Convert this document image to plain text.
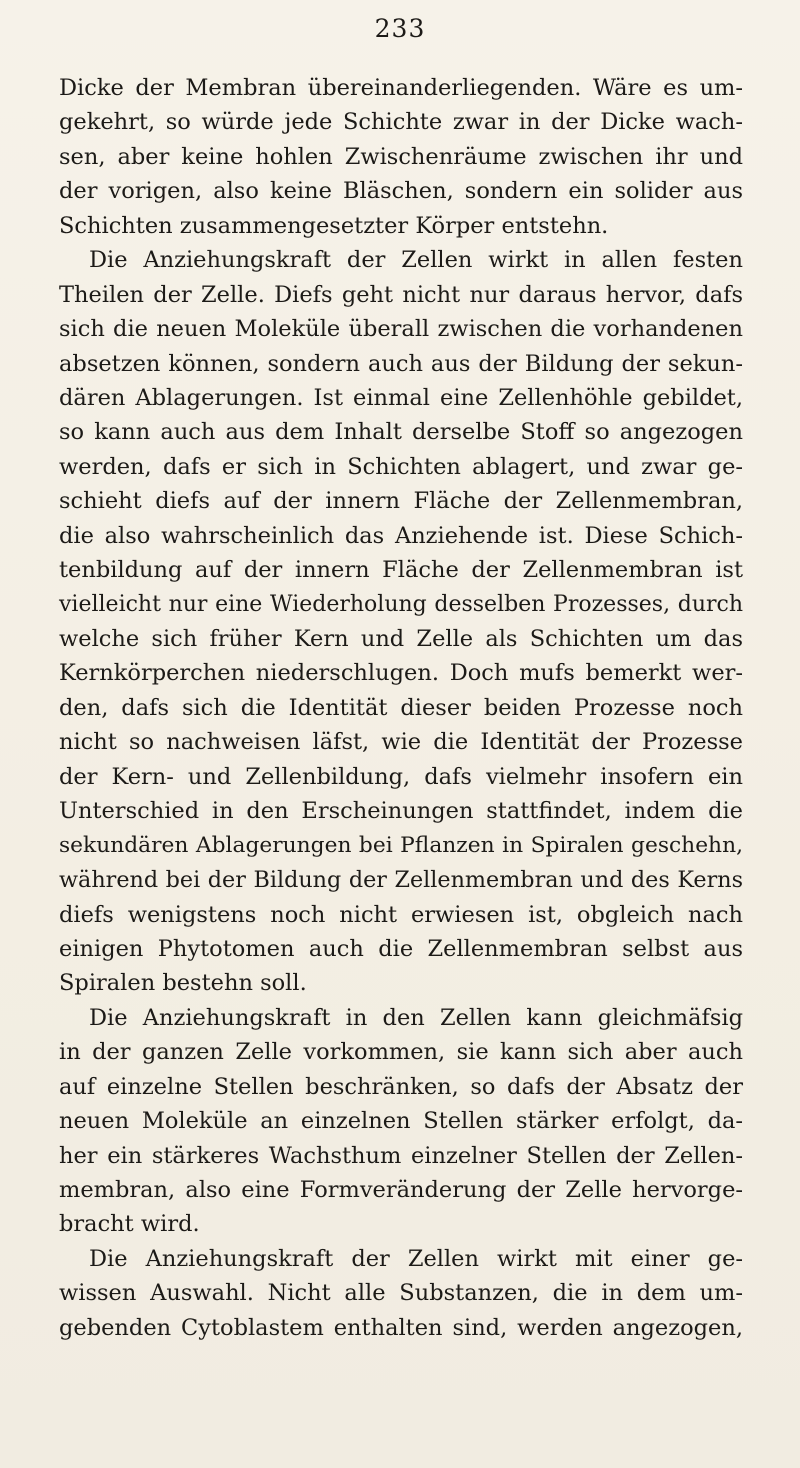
233
Dicke der Membran übereinanderliegenden. Wäre es um-
gekehrt, so würde jede Schichte zwar in der Dicke wach-
sen, aber keine hohlen Zwischenräume zwischen ihr und
der vorigen, also keine Bläschen, sondern ein solider aus
Schichten zusammengesetzter Körper entstehn.
Die Anziehungskraft der Zellen wirkt in allen festen
Theilen der Zelle. Diefs geht nicht nur daraus hervor, dafs
sich die neuen Moleküle überall zwischen die vorhandenen
absetzen können, sondern auch aus der Bildung der sekun-
dären Ablagerungen. Ist einmal eine Zellenhöhle gebildet,
so kann auch aus dem Inhalt derselbe Stoff so angezogen
werden, dafs er sich in Schichten ablagert, und zwar ge-
schieht diefs auf der innern Fläche der Zellenmembran,
die also wahrscheinlich das Anziehende ist. Diese Schich-
tenbildung auf der innern Fläche der Zellenmembran ist
vielleicht nur eine Wiederholung desselben Prozesses, durch
welche sich früher Kern und Zelle als Schichten um das
Kernkörperchen niederschlugen. Doch mufs bemerkt wer-
den, dafs sich die Identität dieser beiden Prozesse noch
nicht so nachweisen läfst, wie die Identität der Prozesse
der Kern- und Zellenbildung, dafs vielmehr insofern ein
Unterschied in den Erscheinungen stattfindet, indem die
sekundären Ablagerungen bei Pflanzen in Spiralen geschehn,
während bei der Bildung der Zellenmembran und des Kerns
diefs wenigstens noch nicht erwiesen ist, obgleich nach
einigen Phytotomen auch die Zellenmembran selbst aus
Spiralen bestehn soll.
Die Anziehungskraft in den Zellen kann gleichmäfsig
in der ganzen Zelle vorkommen, sie kann sich aber auch
auf einzelne Stellen beschränken, so dafs der Absatz der
neuen Moleküle an einzelnen Stellen stärker erfolgt, da-
her ein stärkeres Wachsthum einzelner Stellen der Zellen-
membran, also eine Formveränderung der Zelle hervorge-
bracht wird.
Die Anziehungskraft der Zellen wirkt mit einer ge-
wissen Auswahl. Nicht alle Substanzen, die in dem um-
gebenden Cytoblastem enthalten sind, werden angezogen,
